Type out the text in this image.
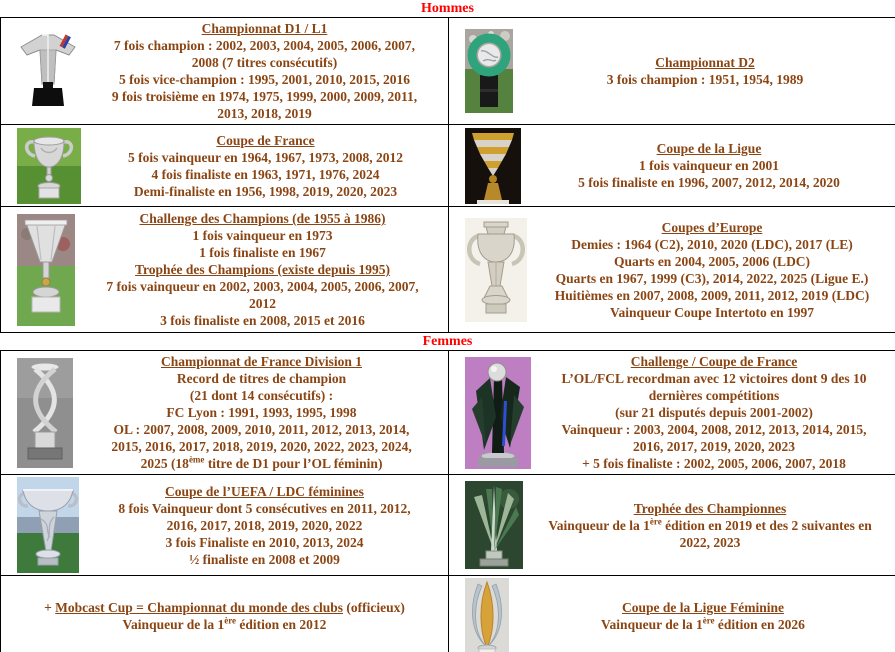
Hommes
Championnat D1 / L1
7 fois champion : 2002, 2003, 2004, 2005, 2006, 2007,
2008 (7 titres consécutifs)
5 fois vice-champion : 1995, 2001, 2010, 2015, 2016
9 fois troisième en 1974, 1975, 1999, 2000, 2009, 2011,
2013, 2018, 2019

Championnat D2
3 fois champion : 1951, 1954, 1989

Coupe de France
5 fois vainqueur en 1964, 1967, 1973, 2008, 2012
4 fois finaliste en 1963, 1971, 1976, 2024
Demi-finaliste en 1956, 1998, 2019, 2020, 2023

Coupe de la Ligue
1 fois vainqueur en 2001
5 fois finaliste en 1996, 2007, 2012, 2014, 2020

Challenge des Champions (de 1955 à 1986)
1 fois vainqueur en 1973
1 fois finaliste en 1967
Trophée des Champions (existe depuis 1995)
7 fois vainqueur en 2002, 2003, 2004, 2005, 2006, 2007,
2012
3 fois finaliste en 2008, 2015 et 2016

Coupes d’Europe
Demies : 1964 (C2), 2010, 2020 (LDC), 2017 (LE)
Quarts en 2004, 2005, 2006 (LDC)
Quarts en 1967, 1999 (C3), 2014, 2022, 2025 (Ligue E.)
Huitièmes en 2007, 2008, 2009, 2011, 2012, 2019 (LDC)
Vainqueur Coupe Intertoto en 1997
Femmes
Championnat de France Division 1
Record de titres de champion
(21 dont 14 consécutifs) :
FC Lyon : 1991, 1993, 1995, 1998
OL : 2007, 2008, 2009, 2010, 2011, 2012, 2013, 2014,
2015, 2016, 2017, 2018, 2019, 2020, 2022, 2023, 2024,
2025 (18ème titre de D1 pour l’OL féminin)

Challenge / Coupe de France
L’OL/FCL recordman avec 12 victoires dont 9 des 10
dernières compétitions
(sur 21 disputés depuis 2001-2002)
Vainqueur : 2003, 2004, 2008, 2012, 2013, 2014, 2015,
2016, 2017, 2019, 2020, 2023
+ 5 fois finaliste : 2002, 2005, 2006, 2007, 2018

Coupe de l’UEFA / LDC féminines
8 fois Vainqueur dont 5 consécutives en 2011, 2012,
2016, 2017, 2018, 2019, 2020, 2022
3 fois Finaliste en 2010, 2013, 2024
½ finaliste en 2008 et 2009

Trophée des Championnes
Vainqueur de la 1ère édition en 2019 et des 2 suivantes en
2022, 2023

+ Mobcast Cup = Championnat du monde des clubs (officieux)
Vainqueur de la 1ère édition en 2012

Coupe de la Ligue Féminine
Vainqueur de la 1ère édition en 2026
